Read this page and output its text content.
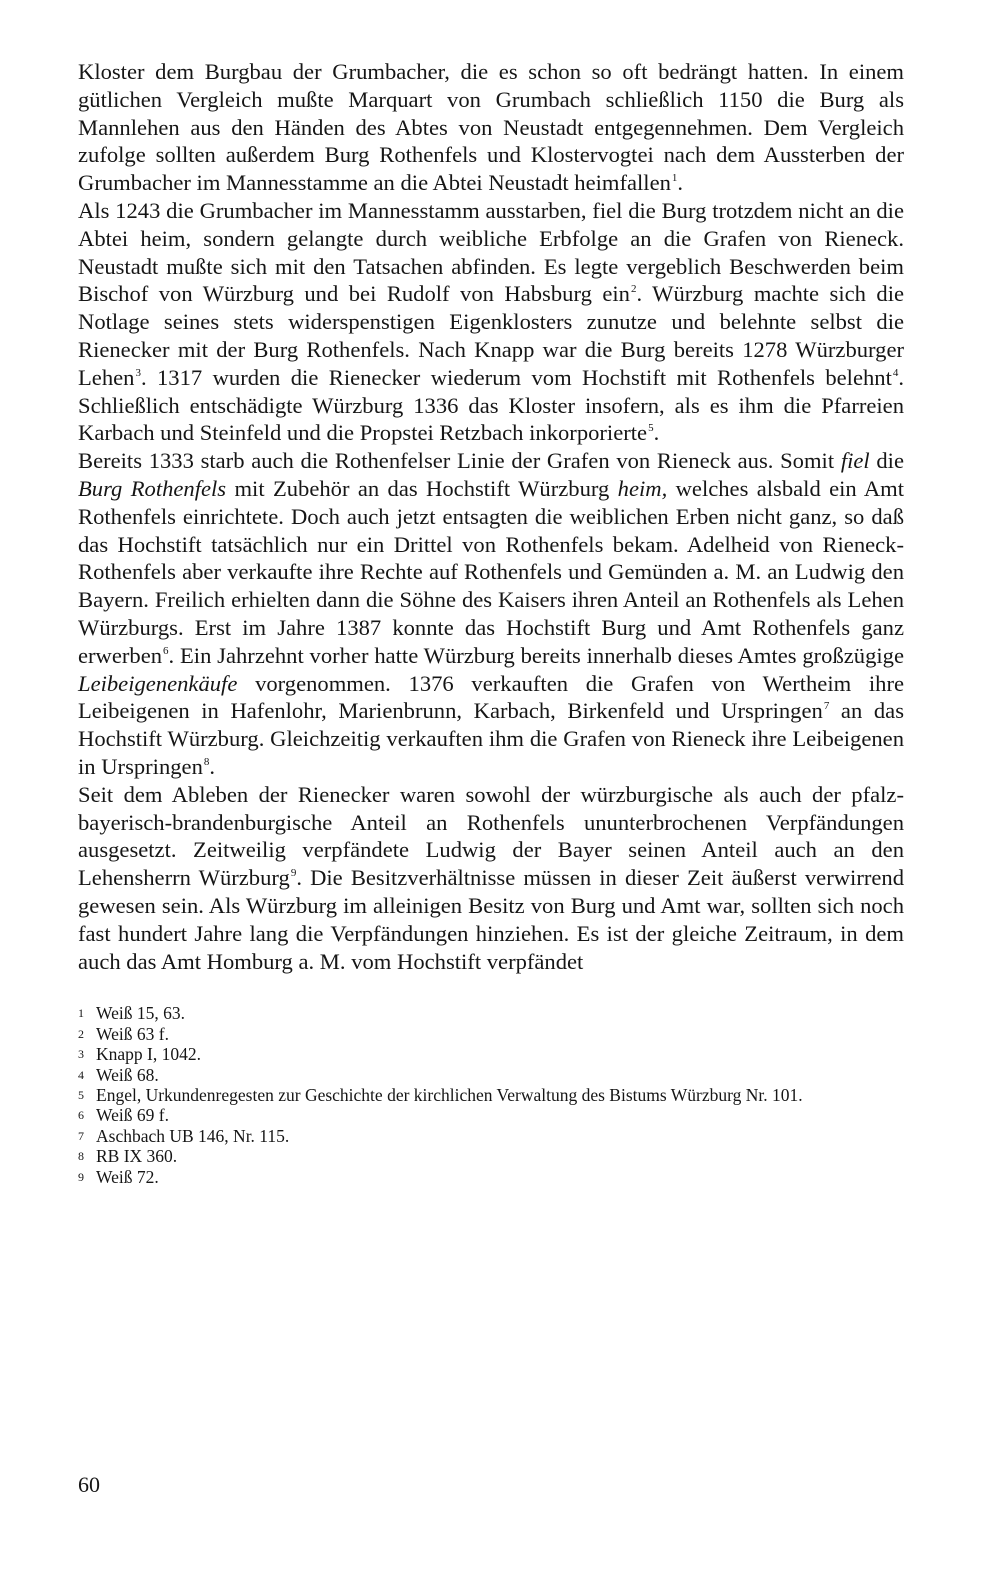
Kloster dem Burgbau der Grumbacher, die es schon so oft bedrängt hatten. In einem gütlichen Vergleich mußte Marquart von Grumbach schließlich 1150 die Burg als Mannlehen aus den Händen des Abtes von Neustadt entgegennehmen. Dem Vergleich zufolge sollten außerdem Burg Rothenfels und Klostervogtei nach dem Aussterben der Grumbacher im Mannesstamme an die Abtei Neustadt heimfallen$^1$.

Als 1243 die Grumbacher im Mannesstamm ausstarben, fiel die Burg trotzdem nicht an die Abtei heim, sondern gelangte durch weibliche Erbfolge an die Grafen von Rieneck. Neustadt mußte sich mit den Tatsachen abfinden. Es legte vergeblich Beschwerden beim Bischof von Würzburg und bei Rudolf von Habsburg ein$^2$. Würzburg machte sich die Notlage seines stets widerspenstigen Eigenklosters zunutze und belehnte selbst die Rienecker mit der Burg Rothenfels. Nach Knapp war die Burg bereits 1278 Würzburger Lehen$^3$. 1317 wurden die Rienecker wiederum vom Hochstift mit Rothenfels belehnt$^4$. Schließlich entschädigte Würzburg 1336 das Kloster insofern, als es ihm die Pfarreien Karbach und Steinfeld und die Propstei Retzbach inkorporierte$^5$.

Bereits 1333 starb auch die Rothenfelser Linie der Grafen von Rieneck aus. Somit fiel die Burg Rothenfels mit Zubehör an das Hochstift Würzburg heim, welches alsbald ein Amt Rothenfels einrichtete. Doch auch jetzt entsagten die weiblichen Erben nicht ganz, so daß das Hochstift tatsächlich nur ein Drittel von Rothenfels bekam. Adelheid von Rieneck-Rothenfels aber verkaufte ihre Rechte auf Rothenfels und Gemünden a. M. an Ludwig den Bayern. Freilich erhielten dann die Söhne des Kaisers ihren Anteil an Rothenfels als Lehen Würzburgs. Erst im Jahre 1387 konnte das Hochstift Burg und Amt Rothenfels ganz erwerben$^6$. Ein Jahrzehnt vorher hatte Würzburg bereits innerhalb dieses Amtes großzügige Leibeigenenkäufe vorgenommen. 1376 verkauften die Grafen von Wertheim ihre Leibeigenen in Hafenlohr, Marienbrunn, Karbach, Birkenfeld und Urspringen$^7$ an das Hochstift Würzburg. Gleichzeitig verkauften ihm die Grafen von Rieneck ihre Leibeigenen in Urspringen$^8$.

Seit dem Ableben der Rienecker waren sowohl der würzburgische als auch der pfalz-bayerisch-brandenburgische Anteil an Rothenfels ununterbrochenen Verpfändungen ausgesetzt. Zeitweilig verpfändete Ludwig der Bayer seinen Anteil auch an den Lehensherrn Würzburg$^9$. Die Besitzverhältnisse müssen in dieser Zeit äußerst verwirrend gewesen sein. Als Würzburg im alleinigen Besitz von Burg und Amt war, sollten sich noch fast hundert Jahre lang die Verpfändungen hinziehen. Es ist der gleiche Zeitraum, in dem auch das Amt Homburg a. M. vom Hochstift verpfändet

1 Weiß 15, 63.
2 Weiß 63 f.
3 Knapp I, 1042.
4 Weiß 68.
5 Engel, Urkundenregesten zur Geschichte der kirchlichen Verwaltung des Bistums Würzburg Nr. 101.
6 Weiß 69 f.
7 Aschbach UB 146, Nr. 115.
8 RB IX 360.
9 Weiß 72.
60
